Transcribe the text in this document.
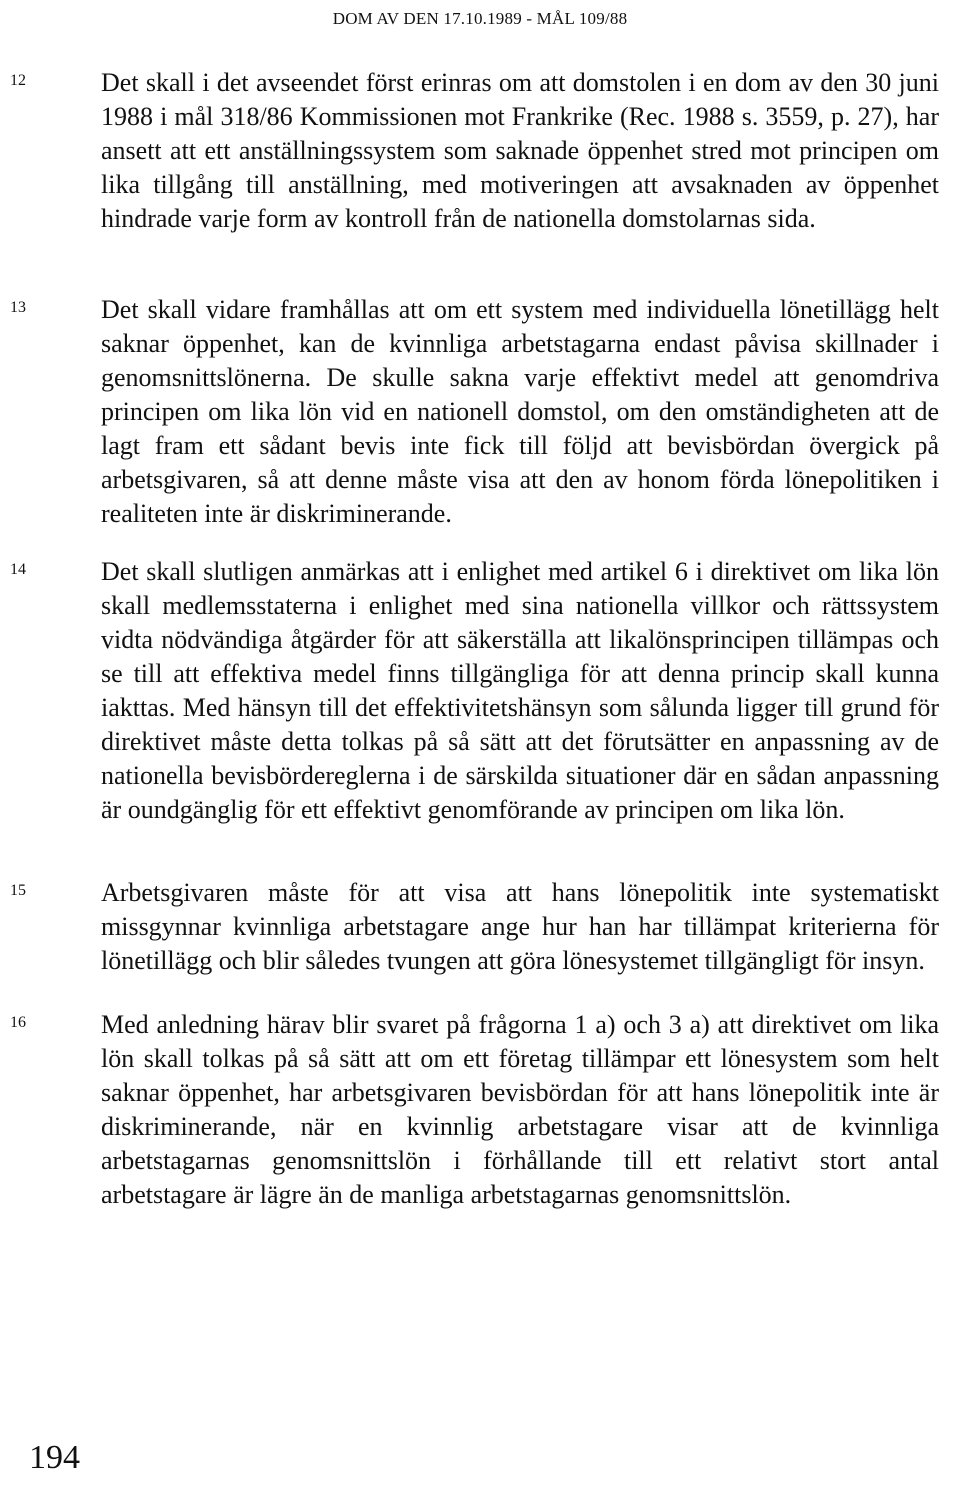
DOM AV DEN 17.10.1989 - MÅL 109/88
12	Det skall i det avseendet först erinras om att domstolen i en dom av den 30 juni 1988 i mål 318/86 Kommissionen mot Frankrike (Rec. 1988 s. 3559, p. 27), har ansett att ett anställningssystem som saknade öppenhet stred mot principen om lika tillgång till anställning, med motiveringen att avsaknaden av öppenhet hindrade varje form av kontroll från de nationella domstolarnas sida.

13	Det skall vidare framhållas att om ett system med individuella lönetillägg helt saknar öppenhet, kan de kvinnliga arbetstagarna endast påvisa skillnader i genomsnittslönerna. De skulle sakna varje effektivt medel att genomdriva principen om lika lön vid en nationell domstol, om den omständigheten att de lagt fram ett sådant bevis inte fick till följd att bevisbördan övergick på arbetsgivaren, så att denne måste visa att den av honom förda lönepolitiken i realiteten inte är diskriminerande.

14	Det skall slutligen anmärkas att i enlighet med artikel 6 i direktivet om lika lön skall medlemsstaterna i enlighet med sina nationella villkor och rättssystem vidta nödvändiga åtgärder för att säkerställa att likalönsprincipen tillämpas och se till att effektiva medel finns tillgängliga för att denna princip skall kunna iakttas. Med hänsyn till det effektivitetshänsyn som sålunda ligger till grund för direktivet måste detta tolkas på så sätt att det förutsätter en anpassning av de nationella bevisbördereglerna i de särskilda situationer där en sådan anpassning är oundgänglig för ett effektivt genomförande av principen om lika lön.

15	Arbetsgivaren måste för att visa att hans lönepolitik inte systematiskt missgynnar kvinnliga arbetstagare ange hur han har tillämpat kriterierna för lönetillägg och blir således tvungen att göra lönesystemet tillgängligt för insyn.

16	Med anledning härav blir svaret på frågorna 1 a) och 3 a) att direktivet om lika lön skall tolkas på så sätt att om ett företag tillämpar ett lönesystem som helt saknar öppenhet, har arbetsgivaren bevisbördan för att hans lönepolitik inte är diskriminerande, när en kvinnlig arbetstagare visar att de kvinnliga arbetstagarnas genomsnittslön i förhållande till ett relativt stort antal arbetstagare är lägre än de manliga arbetstagarnas genomsnittslön.

194
